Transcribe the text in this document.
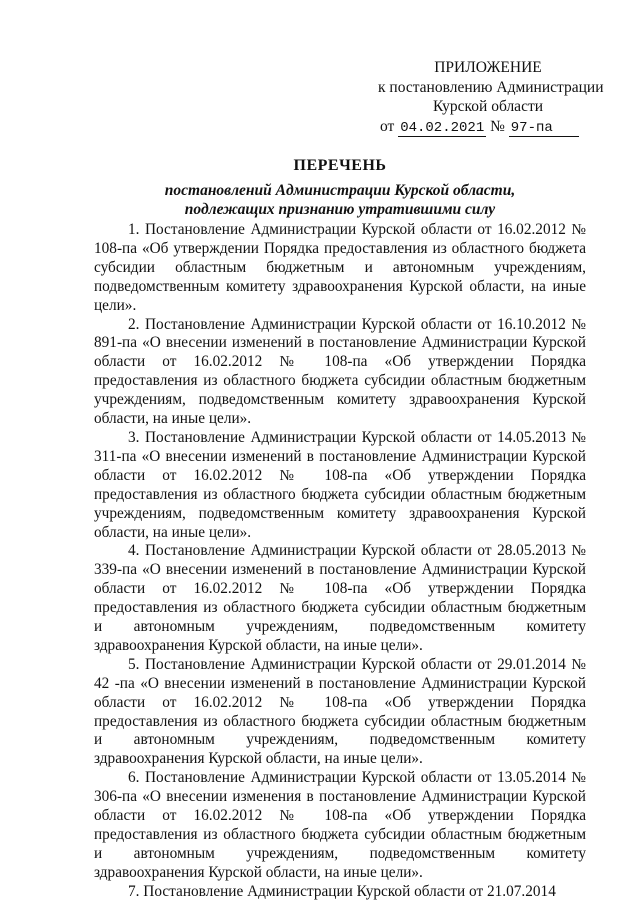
ПРИЛОЖЕНИЕ
к постановлению Администрации
Курской области
от 04.02.2021 № 97-па
ПЕРЕЧЕНЬ
постановлений Администрации Курской области,
подлежащих признанию утратившими силу

1. Постановление Администрации Курской области от 16.02.2012 № 108-па «Об утверждении Порядка предоставления из областного бюджета субсидии областным бюджетным и автономным учреждениям, подведомственным комитету здравоохранения Курской области, на иные цели».

2. Постановление Администрации Курской области от 16.10.2012 № 891-па «О внесении изменений в постановление Администрации Курской области от 16.02.2012 № 108-па «Об утверждении Порядка предоставления из областного бюджета субсидии областным бюджетным учреждениям, подведомственным комитету здравоохранения Курской области, на иные цели».

3. Постановление Администрации Курской области от 14.05.2013 № 311-па «О внесении изменений в постановление Администрации Курской области от 16.02.2012 № 108-па «Об утверждении Порядка предоставления из областного бюджета субсидии областным бюджетным учреждениям, подведомственным комитету здравоохранения Курской области, на иные цели».

4. Постановление Администрации Курской области от 28.05.2013 № 339-па «О внесении изменений в постановление Администрации Курской области от 16.02.2012 № 108-па «Об утверждении Порядка предоставления из областного бюджета субсидии областным бюджетным и автономным учреждениям, подведомственным комитету здравоохранения Курской области, на иные цели».

5. Постановление Администрации Курской области от 29.01.2014 № 42 -па «О внесении изменений в постановление Администрации Курской области от 16.02.2012 № 108-па «Об утверждении Порядка предоставления из областного бюджета субсидии областным бюджетным и автономным учреждениям, подведомственным комитету здравоохранения Курской области, на иные цели».

6. Постановление Администрации Курской области от 13.05.2014 № 306-па «О внесении изменения в постановление Администрации Курской области от 16.02.2012 № 108-па «Об утверждении Порядка предоставления из областного бюджета субсидии областным бюджетным и автономным учреждениям, подведомственным комитету здравоохранения Курской области, на иные цели».

7. Постановление Администрации Курской области от 21.07.2014
